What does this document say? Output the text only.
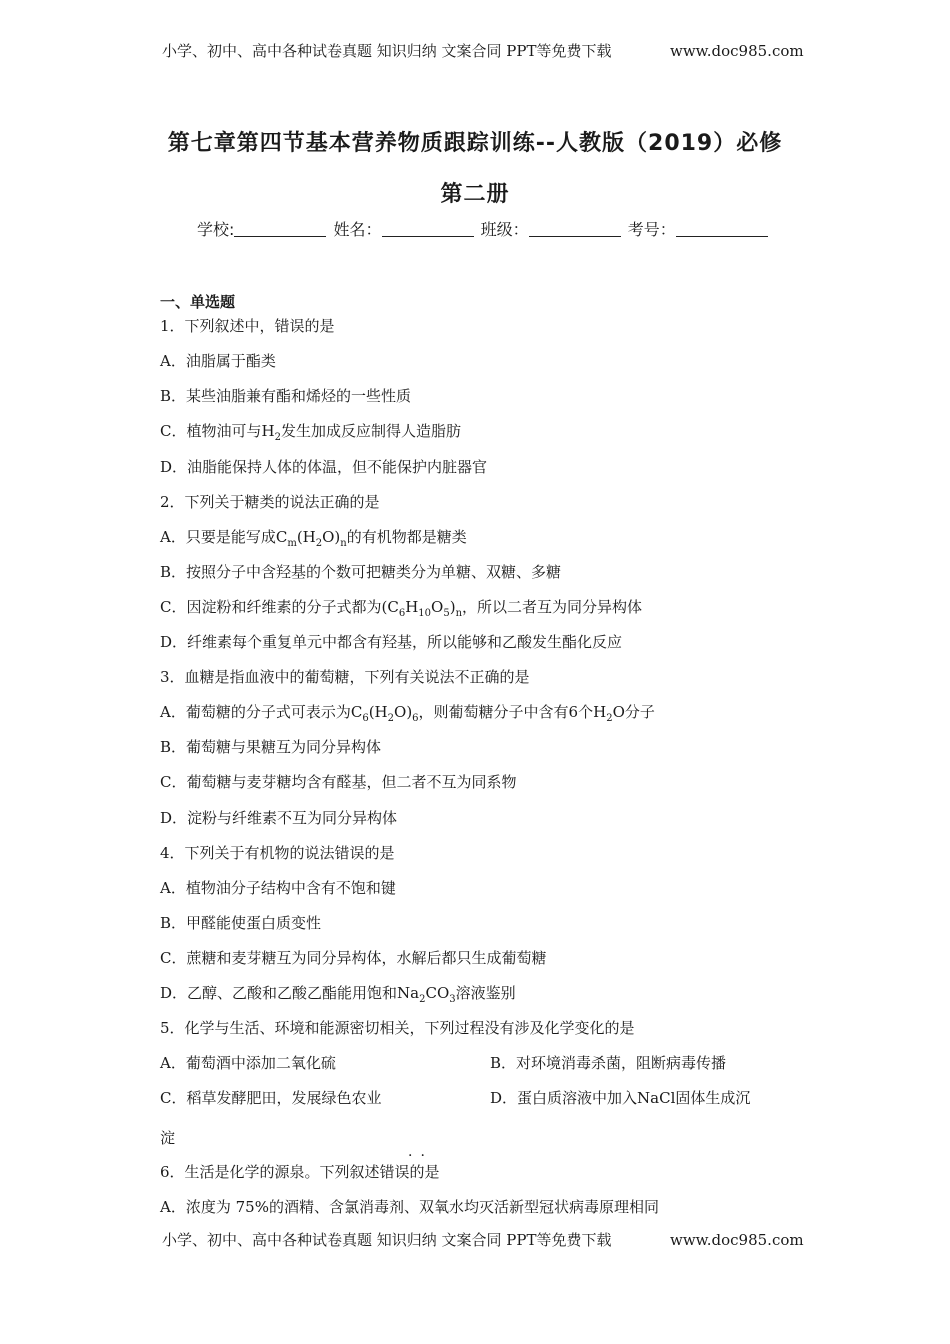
小学、初中、高中各种试卷真题 知识归纳 文案合同 PPT等免费下载	www.doc985.com
第七章第四节基本营养物质跟踪训练--人教版（2019）必修
第二册
学校:	姓名：	班级：	考号：
一、单选题
1．下列叙述中，错误的是
A．油脂属于酯类
B．某些油脂兼有酯和烯烃的一些性质
C．植物油可与$H_2$发生加成反应制得人造脂肪
D．油脂能保持人体的体温，但不能保护内脏器官
2．下列关于糖类的说法正确的是
A．只要是能写成$C_m(H_2O)_n$的有机物都是糖类
B．按照分子中含羟基的个数可把糖类分为单糖、双糖、多糖
C．因淀粉和纤维素的分子式都为$(C_6H_{10}O_5)_n$，所以二者互为同分异构体
D．纤维素每个重复单元中都含有羟基，所以能够和乙酸发生酯化反应
3．血糖是指血液中的葡萄糖，下列有关说法不正确的是
A．葡萄糖的分子式可表示为$C_6(H_2O)_6$，则葡萄糖分子中含有6个$H_2O$分子
B．葡萄糖与果糖互为同分异构体
C．葡萄糖与麦芽糖均含有醛基，但二者不互为同系物
D．淀粉与纤维素不互为同分异构体
4．下列关于有机物的说法错误的是
A．植物油分子结构中含有不饱和键
B．甲醛能使蛋白质变性
C．蔗糖和麦芽糖互为同分异构体，水解后都只生成葡萄糖
D．乙醇、乙酸和乙酸乙酯能用饱和$Na_2CO_3$溶液鉴别
5．化学与生活、环境和能源密切相关，下列过程没有涉及化学变化的是
A．葡萄酒中添加二氧化硫	B．对环境消毒杀菌，阻断病毒传播
C．稻草发酵肥田，发展绿色农业	D．蛋白质溶液中加入NaCl固体生成沉
淀
··
6．生活是化学的源泉。下列叙述错误的是
A．浓度为 75%的酒精、含氯消毒剂、双氧水均灭活新型冠状病毒原理相同
小学、初中、高中各种试卷真题 知识归纳 文案合同 PPT等免费下载	www.doc985.com
